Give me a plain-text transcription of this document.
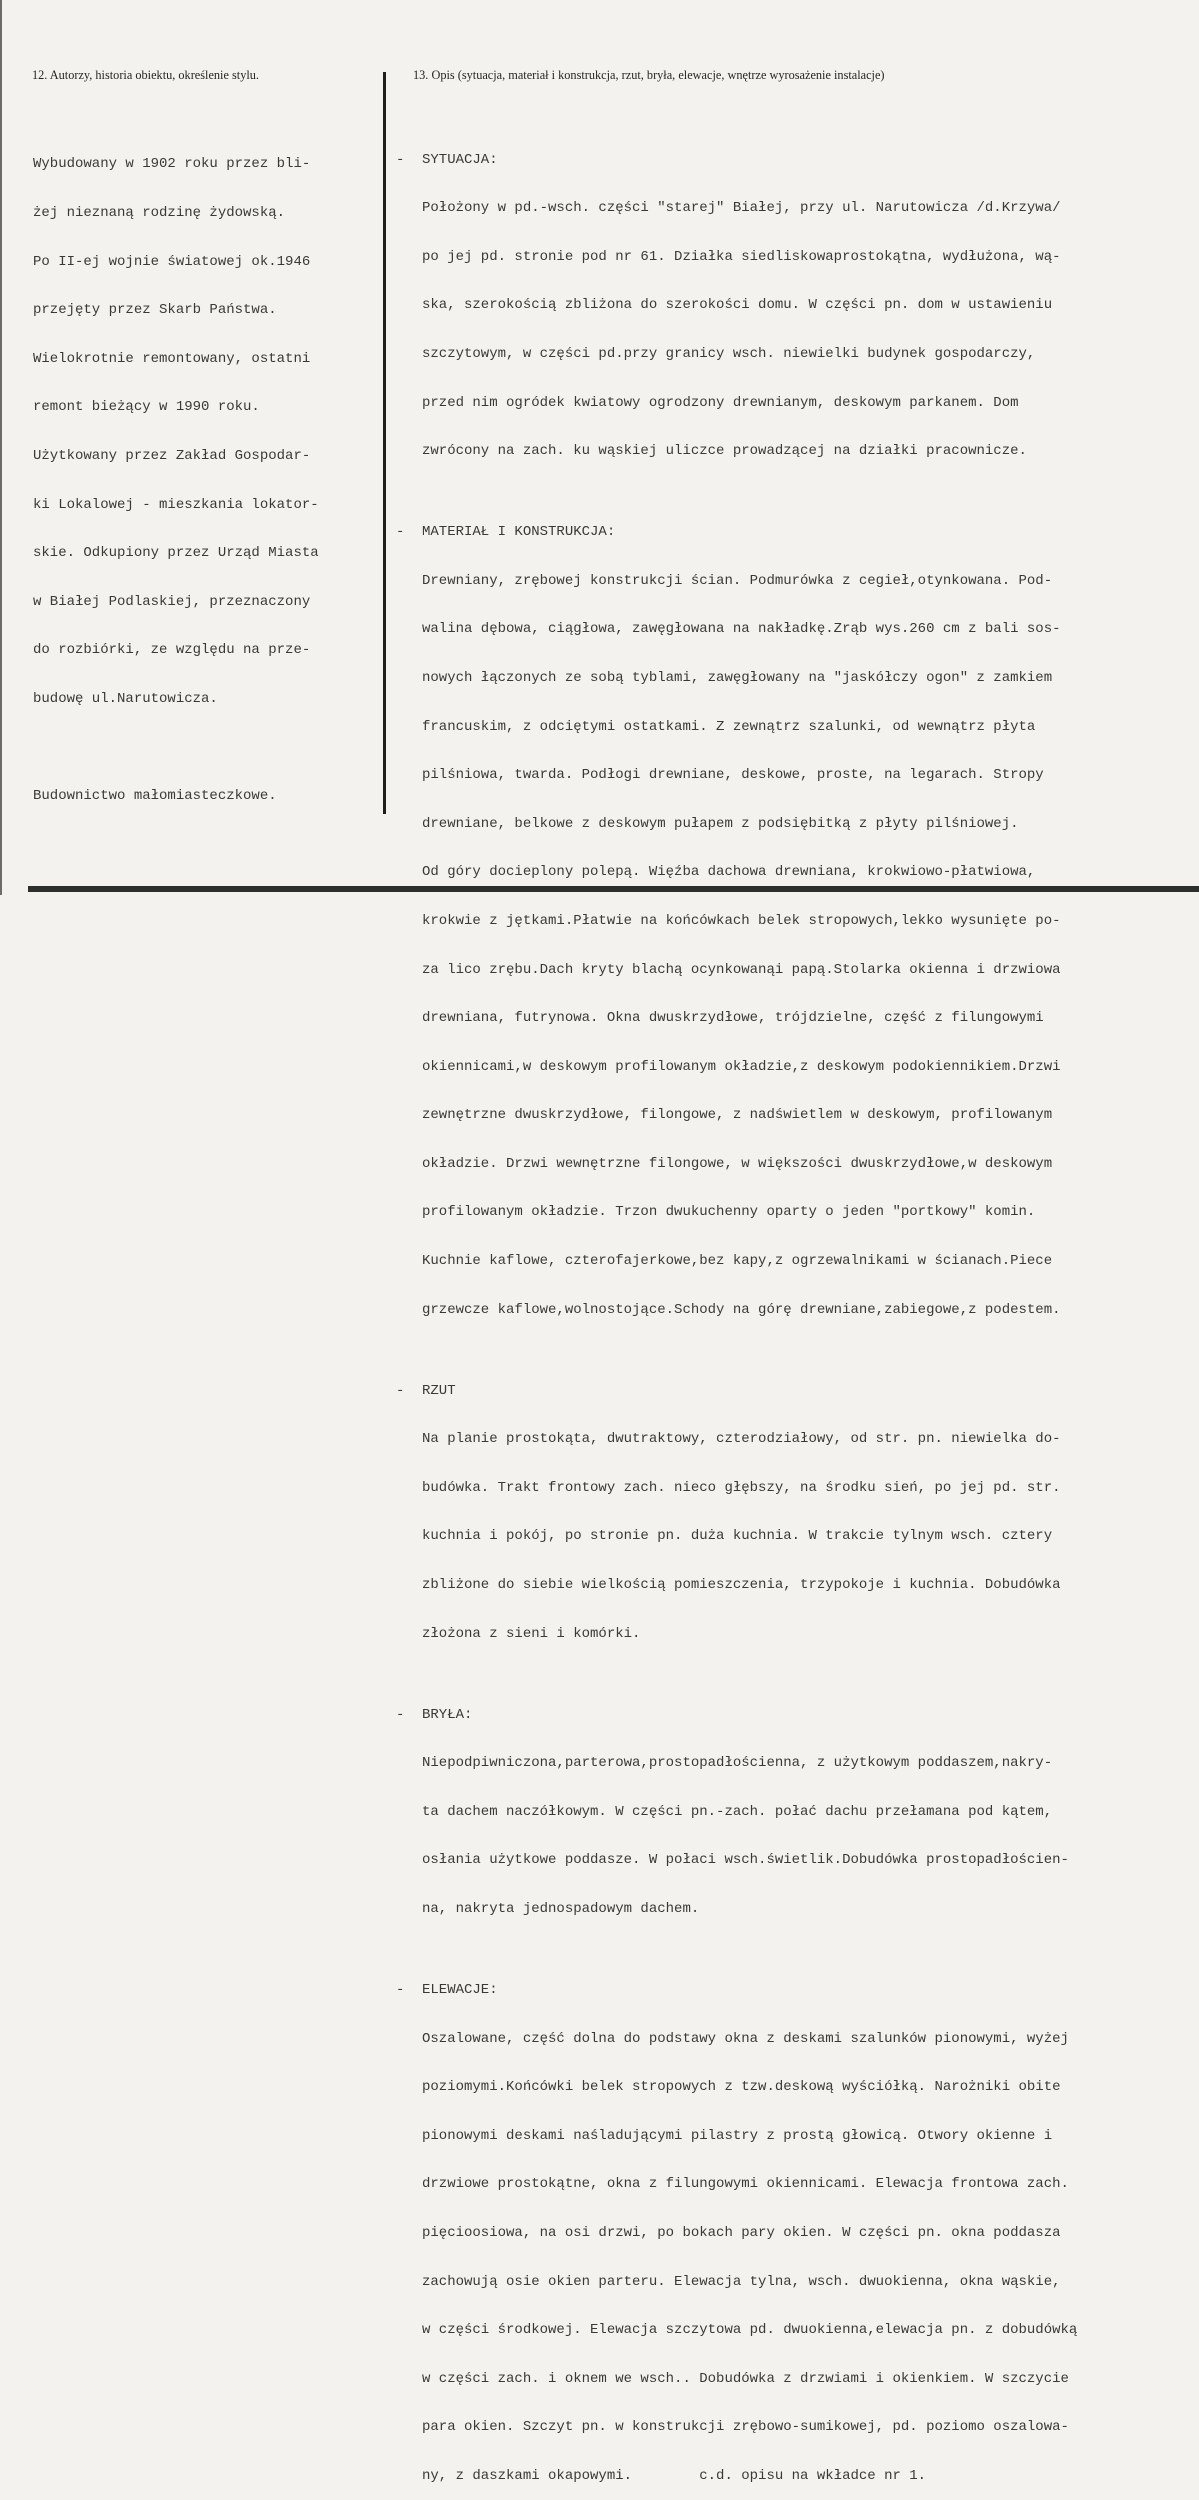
12. Autorzy, historia obiektu, określenie stylu.	13. Opis (sytuacja, materiał i konstrukcja, rzut, bryła, elewacje, wnętrze wyrosażenie instalacje)

Wybudowany w 1902 roku przez bli-

żej nieznaną rodzinę żydowską.

Po II-ej wojnie światowej ok.1946

przejęty przez Skarb Państwa.

Wielokrotnie remontowany, ostatni

remont bieżący w 1990 roku.

Użytkowany przez Zakład Gospodar-

ki Lokalowej - mieszkania lokator-

skie. Odkupiony przez Urząd Miasta

w Białej Podlaskiej, przeznaczony

do rozbiórki, ze względu na prze-

budowę ul.Narutowicza.

Budownictwo małomiasteczkowe.

- SYTUACJA:

Położony w pd.-wsch. części "starej" Białej, przy ul. Narutowicza /d.Krzywa/

po jej pd. stronie pod nr 61. Działka siedliskowaprostokątna, wydłużona, wą-

ska, szerokością zbliżona do szerokości domu. W części pn. dom w ustawieniu

szczytowym, w części pd.przy granicy wsch. niewielki budynek gospodarczy,

przed nim ogródek kwiatowy ogrodzony drewnianym, deskowym parkanem. Dom

zwrócony na zach. ku wąskiej uliczce prowadzącej na działki pracownicze.

- MATERIAŁ I KONSTRUKCJA:

Drewniany, zrębowej konstrukcji ścian. Podmurówka z cegieł,otynkowana. Pod-

walina dębowa, ciągłowa, zawęgłowana na nakładkę.Zrąb wys.260 cm z bali sos-

nowych łączonych ze sobą tyblami, zawęgłowany na "jaskółczy ogon" z zamkiem

francuskim, z odciętymi ostatkami. Z zewnątrz szalunki, od wewnątrz płyta

pilśniowa, twarda. Podłogi drewniane, deskowe, proste, na legarach. Stropy

drewniane, belkowe z deskowym pułapem z podsiębitką z płyty pilśniowej.

Od góry docieplony polepą. Więźba dachowa drewniana, krokwiowo-płatwiowa,

krokwie z jętkami.Płatwie na końcówkach belek stropowych,lekko wysunięte po-

za lico zrębu.Dach kryty blachą ocynkowanąi papą.Stolarka okienna i drzwiowa

drewniana, futrynowa. Okna dwuskrzydłowe, trójdzielne, część z filungowymi

okiennicami,w deskowym profilowanym okładzie,z deskowym podokiennikiem.Drzwi

zewnętrzne dwuskrzydłowe, filongowe, z nadświetlem w deskowym, profilowanym

okładzie. Drzwi wewnętrzne filongowe, w większości dwuskrzydłowe,w deskowym

profilowanym okładzie. Trzon dwukuchenny oparty o jeden "portkowy" komin.

Kuchnie kaflowe, czterofajerkowe,bez kapy,z ogrzewalnikami w ścianach.Piece

grzewcze kaflowe,wolnostojące.Schody na górę drewniane,zabiegowe,z podestem.

- RZUT

Na planie prostokąta, dwutraktowy, czterodziałowy, od str. pn. niewielka do-

budówka. Trakt frontowy zach. nieco głębszy, na środku sień, po jej pd. str.

kuchnia i pokój, po stronie pn. duża kuchnia. W trakcie tylnym wsch. cztery

zbliżone do siebie wielkością pomieszczenia, trzypokoje i kuchnia. Dobudówka

złożona z sieni i komórki.

- BRYŁA:

Niepodpiwniczona,parterowa,prostopadłościenna, z użytkowym poddaszem,nakry-

ta dachem naczółkowym. W części pn.-zach. połać dachu przełamana pod kątem,

osłania użytkowe poddasze. W połaci wsch.świetlik.Dobudówka prostopadłościen-

na, nakryta jednospadowym dachem.

- ELEWACJE:

Oszalowane, część dolna do podstawy okna z deskami szalunków pionowymi, wyżej

poziomymi.Końcówki belek stropowych z tzw.deskową wyściółką. Narożniki obite

pionowymi deskami naśladującymi pilastry z prostą głowicą. Otwory okienne i

drzwiowe prostokątne, okna z filungowymi okiennicami. Elewacja frontowa zach.

pięcioosiowa, na osi drzwi, po bokach pary okien. W części pn. okna poddasza

zachowują osie okien parteru. Elewacja tylna, wsch. dwuokienna, okna wąskie,

w części środkowej. Elewacja szczytowa pd. dwuokienna,elewacja pn. z dobudówką

w części zach. i oknem we wsch.. Dobudówka z drzwiami i okienkiem. W szczycie

para okien. Szczyt pn. w konstrukcji zrębowo-sumikowej, pd. poziomo oszalowa-

ny, z daszkami okapowymi.        c.d. opisu na wkładce nr 1.
